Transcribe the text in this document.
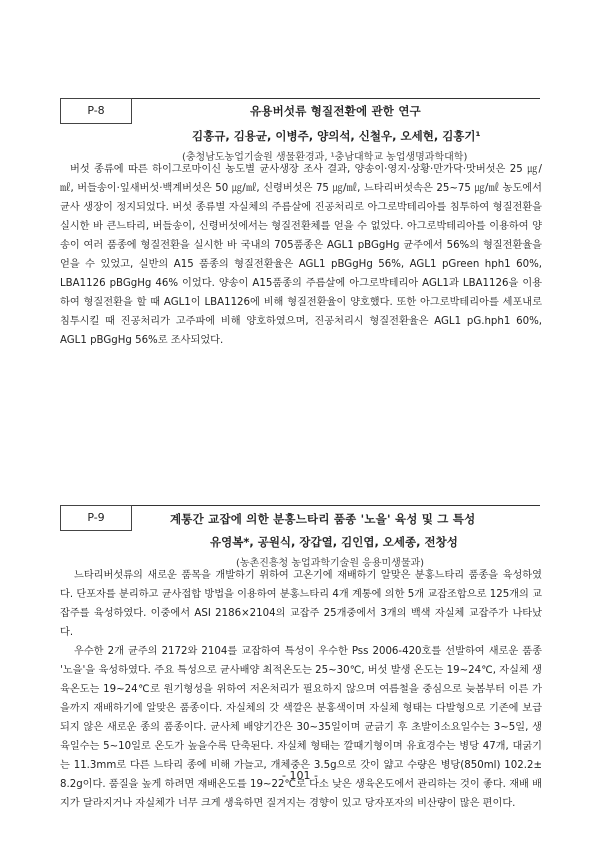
P-8	유용버섯류 형질전환에 관한 연구
김홍규, 김용균, 이병주, 양의석, 신철우, 오세현, 김홍기¹
(충청남도농업기술원 생물환경과, ¹충남대학교 농업생명과학대학)
버섯 종류에 따른 하이그로마이신 농도별 균사생장 조사 결과, 양송이·영지·상황·만가닥·맛버섯은 25 ㎍/㎖, 버들송이·잎새버섯·백계버섯은 50 ㎍/㎖, 신령버섯은 75 ㎍/㎖, 느타리버섯속은 25~75 ㎍/㎖ 농도에서 균사 생장이 정지되었다. 버섯 종류별 자실체의 주름살에 진공처리로 아그로박테리아를 침투하여 형질전환을 실시한 바 큰느타리, 버들송이, 신령버섯에서는 형질전환체를 얻을 수 없었다. 아그로박테리아를 이용하여 양송이 여러 품종에 형질전환을 실시한 바 국내의 705품종은 AGL1 pBGgHg 균주에서 56%의 형질전환율을 얻을 수 있었고, 실반의 A15 품종의 형질전환율은 AGL1 pBGgHg 56%, AGL1 pGreen hph1 60%, LBA1126 pBGgHg 46% 이었다. 양송이 A15품종의 주름살에 아그로박테리아 AGL1과 LBA1126을 이용하여 형질전환을 할 때 AGL1이 LBA1126에 비해 형질전환율이 양호했다. 또한 아그로박테리아를 세포내로 침투시킬 때 진공처리가 고주파에 비해 양호하였으며, 진공처리시 형질전환율은 AGL1 pG.hph1 60%, AGL1 pBGgHg 56%로 조사되었다.
P-9	계통간 교잡에 의한 분홍느타리 품종 '노을' 육성 및 그 특성
유영복*, 공원식, 장갑열, 김인엽, 오세종, 전창성
(농촌진흥청 농업과학기술원 응용미생물과)
느타리버섯류의 새로운 품목을 개발하기 위하여 고온기에 재배하기 알맞은 분홍느타리 품종을 육성하였다. 단포자를 분리하고 균사접합 방법을 이용하여 분홍느타리 4개 계통에 의한 5개 교잡조합으로 125개의 교잡주를 육성하였다. 이중에서 ASI 2186×2104의 교잡주 25개중에서 3개의 백색 자실체 교잡주가 나타났다.
우수한 2개 균주의 2172와 2104를 교잡하여 특성이 우수한 Pss 2006-420호를 선발하여 새로운 품종 '노을'을 육성하였다. 주요 특성으로 균사배양 최적온도는 25~30℃, 버섯 발생 온도는 19~24℃, 자실체 생육온도는 19~24℃로 원기형성을 위하여 저온처리가 필요하지 않으며 여름철을 중심으로 늦봄부터 이른 가을까지 재배하기에 알맞은 품종이다. 자실체의 갓 색깔은 분홍색이며 자실체 형태는 다발형으로 기존에 보급되지 않은 새로운 종의 품종이다. 균사체 배양기간은 30~35일이며 균긁기 후 초발이소요일수는 3~5일, 생육일수는 5~10일로 온도가 높을수록 단축된다. 자실체 형태는 깔때기형이며 유효경수는 병당 47개, 대굵기는 11.3mm로 다른 느타리 종에 비해 가늘고, 개체중은 3.5g으로 갓이 얇고 수량은 병당(850ml) 102.2± 8.2g이다. 품질을 높게 하려면 재배온도를 19~22℃로 다소 낮은 생육온도에서 관리하는 것이 좋다. 재배 배지가 달라지거나 자실체가 너무 크게 생육하면 질겨지는 경향이 있고 당자포자의 비산량이 많은 편이다.
- 101 -
